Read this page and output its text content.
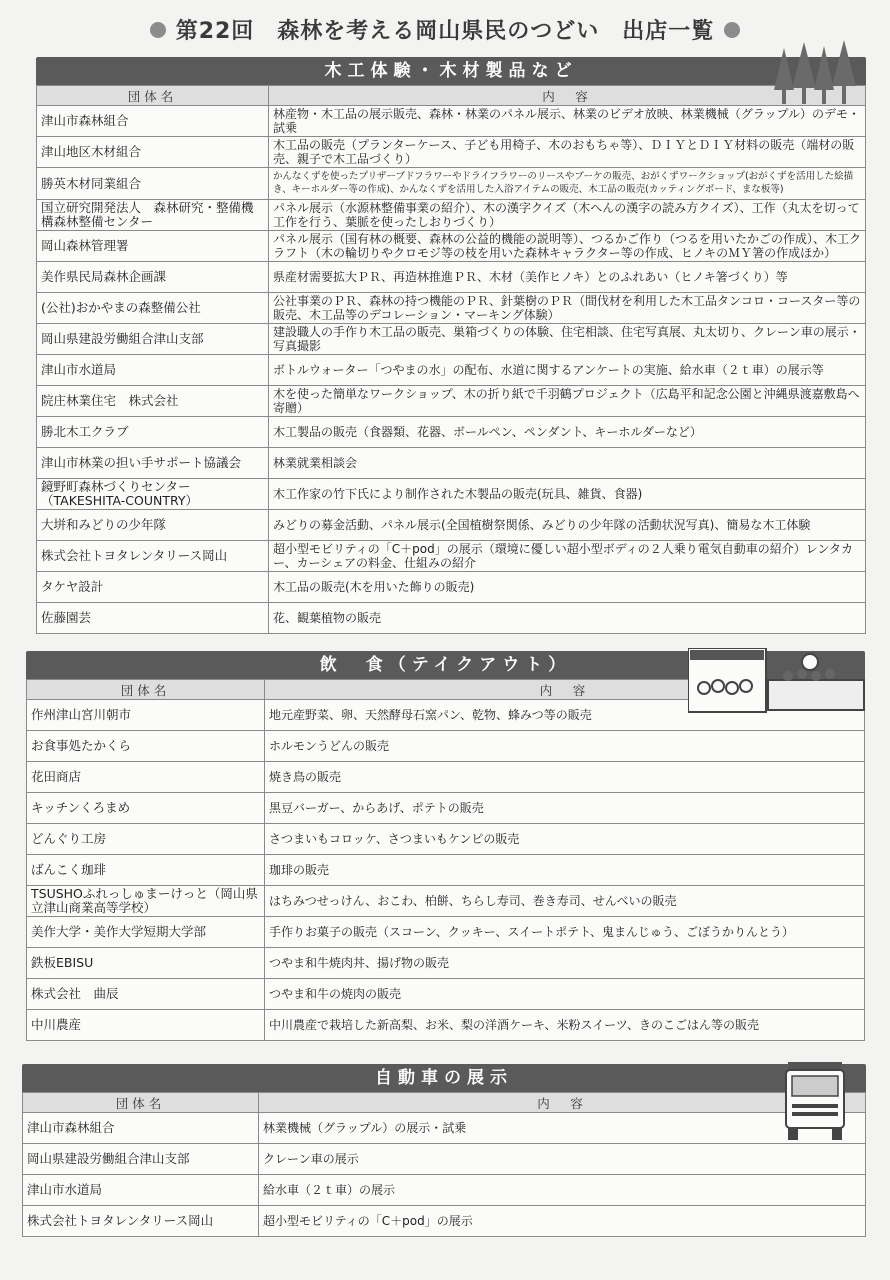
第22回　森林を考える岡山県民のつどい　出店一覧
木工体験・木材製品など
団体名	内　容
津山市森林組合	林産物・木工品の展示販売、森林・林業のパネル展示、林業のビデオ放映、林業機械（グラップル）のデモ・試乗
津山地区木材組合	木工品の販売（プランターケース、子ども用椅子、木のおもちゃ等）、ＤＩＹとＤＩＹ材料の販売（端材の販売、親子で木工品づくり）
勝英木材同業組合	かんなくずを使ったプリザーブドフラワーやドライフラワーのリースやブーケの販売、おがくずワークショップ(おがくずを活用した絵描き、キーホルダー等の作成)、かんなくずを活用した入浴アイテムの販売、木工品の販売(カッティングボード、まな板等)
国立研究開発法人　森林研究・整備機構森林整備センター	パネル展示（水源林整備事業の紹介）、木の漢字クイズ（木へんの漢字の読み方クイズ）、工作（丸太を切って工作を行う、葉脈を使ったしおりづくり）
岡山森林管理署	パネル展示（国有林の概要、森林の公益的機能の説明等）、つるかご作り（つるを用いたかごの作成）、木工クラフト（木の輪切りやクロモジ等の枝を用いた森林キャラクター等の作成、ヒノキのＭＹ箸の作成ほか）
美作県民局森林企画課	県産材需要拡大ＰＲ、再造林推進ＰＲ、木材（美作ヒノキ）とのふれあい（ヒノキ箸づくり）等
(公社)おかやまの森整備公社	公社事業のＰＲ、森林の持つ機能のＰＲ、針葉樹のＰＲ（間伐材を利用した木工品タンコロ・コースター等の販売、木工品等のデコレーション・マーキング体験）
岡山県建設労働組合津山支部	建設職人の手作り木工品の販売、巣箱づくりの体験、住宅相談、住宅写真展、丸太切り、クレーン車の展示・写真撮影
津山市水道局	ボトルウォーター「つやまの水」の配布、水道に関するアンケートの実施、給水車（２ｔ車）の展示等
院庄林業住宅　株式会社	木を使った簡単なワークショップ、木の折り紙で千羽鶴プロジェクト（広島平和記念公園と沖縄県渡嘉敷島へ寄贈）
勝北木工クラブ	木工製品の販売（食器類、花器、ボールペン、ペンダント、キーホルダーなど）
津山市林業の担い手サポート協議会	林業就業相談会
鏡野町森林づくりセンター（TAKESHITA-COUNTRY）	木工作家の竹下氏により制作された木製品の販売(玩具、雑貨、食器)
大垪和みどりの少年隊	みどりの募金活動、パネル展示(全国植樹祭関係、みどりの少年隊の活動状況写真)、簡易な木工体験
株式会社トヨタレンタリース岡山	超小型モビリティの「C＋pod」の展示（環境に優しい超小型ボディの２人乗り電気自動車の紹介）レンタカー、カーシェアの料金、仕組みの紹介
タケヤ設計	木工品の販売(木を用いた飾りの販売)
佐藤園芸	花、観葉植物の販売
飲　食（テイクアウト）
団体名	内　容
作州津山宮川朝市	地元産野菜、卵、天然酵母石窯パン、乾物、蜂みつ等の販売
お食事処たかくら	ホルモンうどんの販売
花田商店	焼き鳥の販売
キッチンくろまめ	黒豆バーガー、からあげ、ポテトの販売
どんぐり工房	さつまいもコロッケ、さつまいもケンピの販売
ばんこく珈琲	珈琲の販売
TSUSHOふれっしゅまーけっと（岡山県立津山商業高等学校）	はちみつせっけん、おこわ、柏餅、ちらし寿司、巻き寿司、せんべいの販売
美作大学・美作大学短期大学部	手作りお菓子の販売（スコーン、クッキー、スイートポテト、鬼まんじゅう、ごぼうかりんとう）
鉄板EBISU	つやま和牛焼肉丼、揚げ物の販売
株式会社　曲辰	つやま和牛の焼肉の販売
中川農産	中川農産で栽培した新高梨、お米、梨の洋酒ケーキ、米粉スイーツ、きのこごはん等の販売
自動車の展示
団体名	内　容
津山市森林組合	林業機械（グラップル）の展示・試乗
岡山県建設労働組合津山支部	クレーン車の展示
津山市水道局	給水車（２ｔ車）の展示
株式会社トヨタレンタリース岡山	超小型モビリティの「C＋pod」の展示
